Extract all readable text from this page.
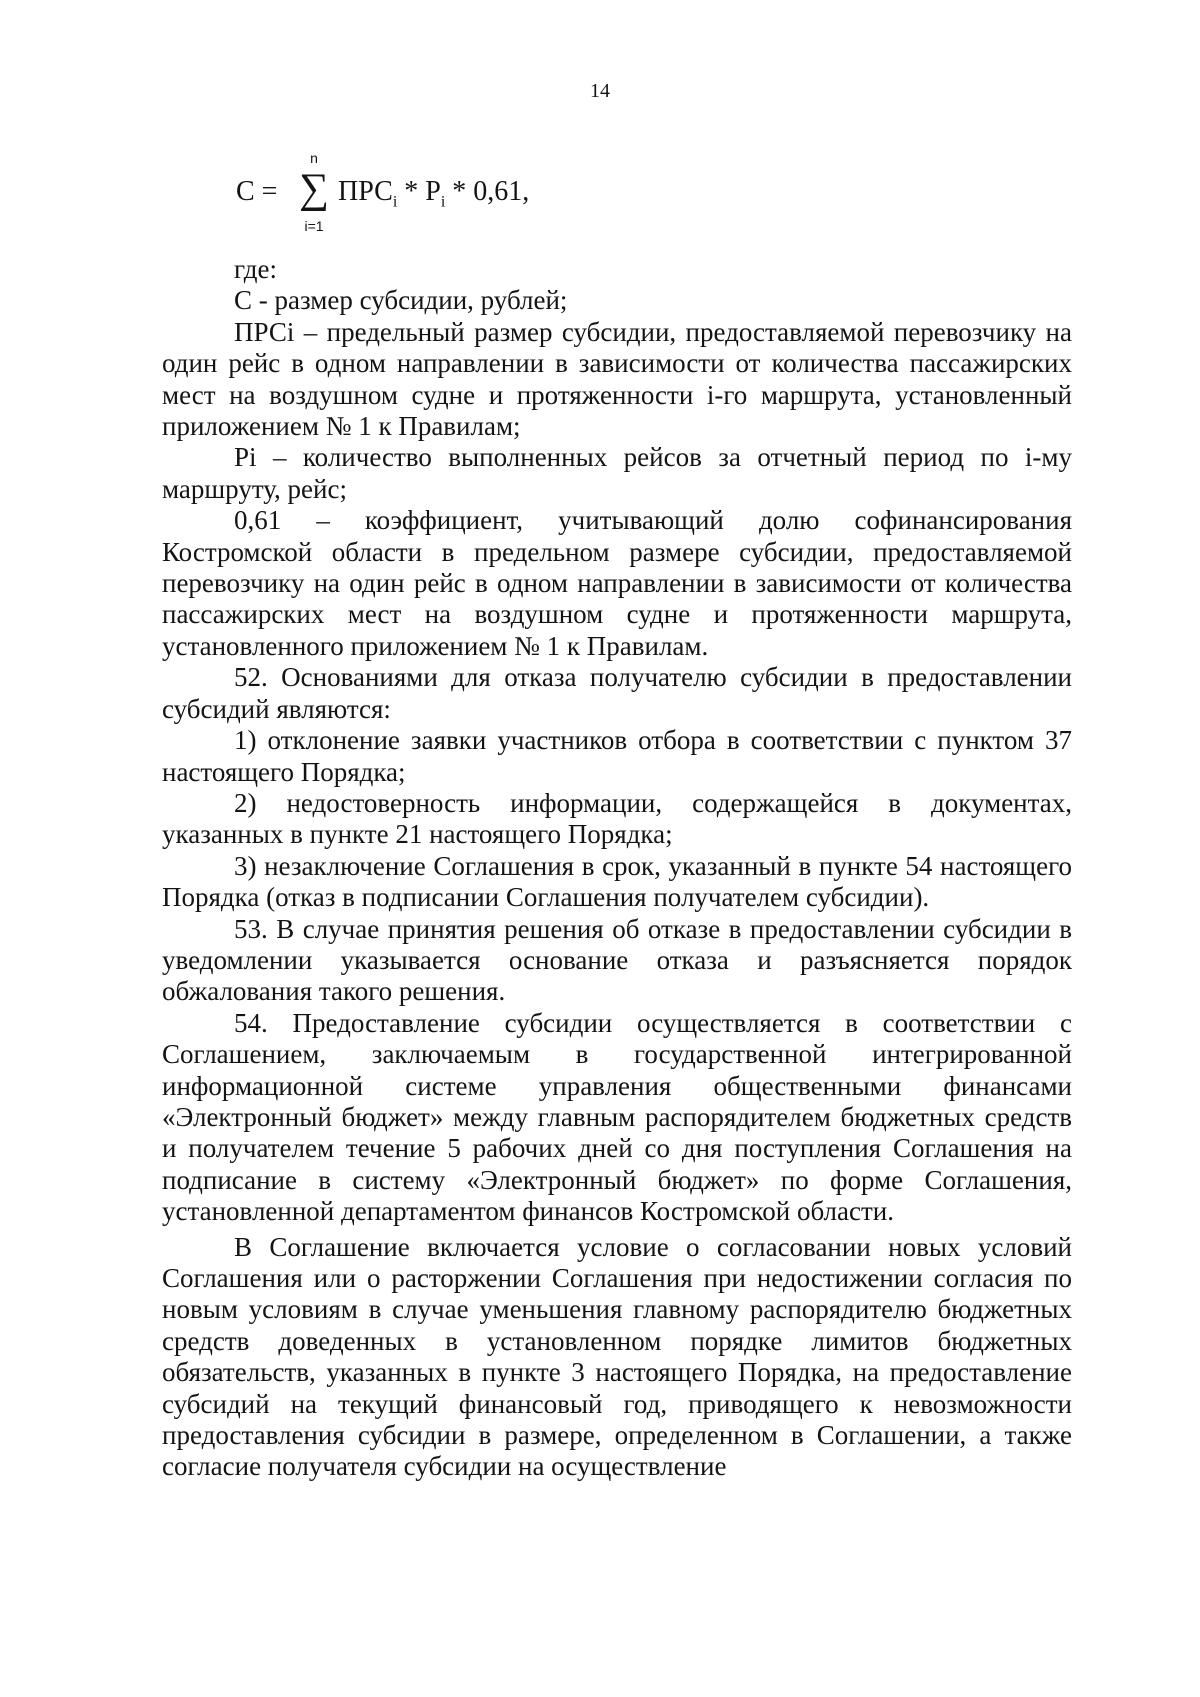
14
С =
n
∑
i=1
$ПРС_i * P_i * 0,61$,

где:

С - размер субсидии, рублей;

ПРСi – предельный размер субсидии, предоставляемой перевозчику на один рейс в одном направлении в зависимости от количества пассажирских мест на воздушном судне и протяженности i-го маршрута, установленный приложением № 1 к Правилам;

Pi – количество выполненных рейсов за отчетный период по i-му маршруту, рейс;

0,61 – коэффициент, учитывающий долю софинансирования Костромской области в предельном размере субсидии, предоставляемой перевозчику на один рейс в одном направлении в зависимости от количества пассажирских мест на воздушном судне и протяженности маршрута, установленного приложением № 1 к Правилам.

52. Основаниями для отказа получателю субсидии в предоставлении субсидий являются:

1) отклонение заявки участников отбора в соответствии с пунктом 37 настоящего Порядка;

2) недостоверность информации, содержащейся в документах, указанных в пункте 21 настоящего Порядка;

3) незаключение Соглашения в срок, указанный в пункте 54 настоящего Порядка (отказ в подписании Соглашения получателем субсидии).

53. В случае принятия решения об отказе в предоставлении субсидии в уведомлении указывается основание отказа и разъясняется порядок обжалования такого решения.

54. Предоставление субсидии осуществляется в соответствии с Соглашением, заключаемым в государственной интегрированной информационной системе управления общественными финансами «Электронный бюджет» между главным распорядителем бюджетных средств и получателем течение 5 рабочих дней со дня поступления Соглашения на подписание в систему «Электронный бюджет» по форме Соглашения, установленной департаментом финансов Костромской области.

В Соглашение включается условие о согласовании новых условий Соглашения или о расторжении Соглашения при недостижении согласия по новым условиям в случае уменьшения главному распорядителю бюджетных средств доведенных в установленном порядке лимитов бюджетных обязательств, указанных в пункте 3 настоящего Порядка, на предоставление субсидий на текущий финансовый год, приводящего к невозможности предоставления субсидии в размере, определенном в Соглашении, а также согласие получателя субсидии на осуществление
